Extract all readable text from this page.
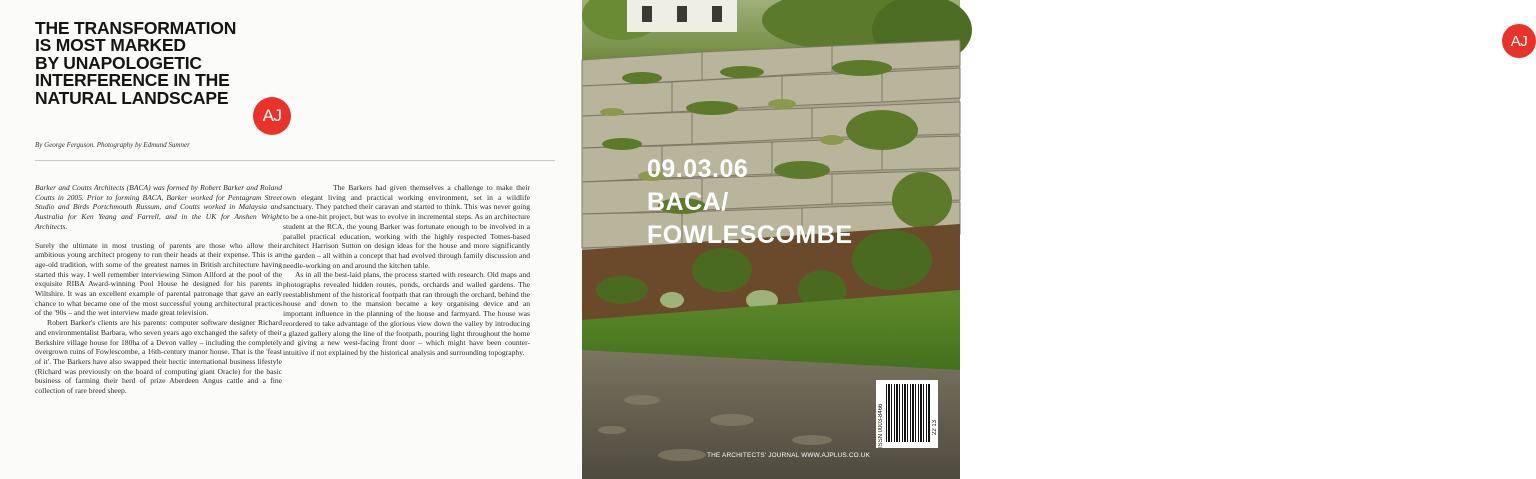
THE TRANSFORMATION
IS MOST MARKED
BY UNAPOLOGETIC
INTERFERENCE IN THE
NATURAL LANDSCAPE
AJ
By George Ferguson. Photography by Edmund Sumner

Barker and Coutts Architects (BACA) was formed by Robert Barker and Roland Coutts in 2005. Prior to forming BACA, Barker worked for Pentagram Street Studio and Birds Portchmouth Russum, and Coutts worked in Malaysia and Australia for Ken Yeang and Farrell, and in the UK for Anshen Wright Architects.

Surely the ultimate in most trusting of parents are those who allow their ambitious young architect progeny to run their heads at their expense. This is an age-old tradition, with some of the greatest names in British architecture having started this way. I well remember interviewing Simon Allford at the pool of the exquisite RIBA Award-winning Pool House he designed for his parents in Wiltshire. It was an excellent example of parental patronage that gave an early chance to what became one of the most successful young architectural practices of the '90s – and the wet interview made great television.

Robert Barker's clients are his parents: computer software designer Richard and environmentalist Barbara, who seven years ago exchanged the safety of their Berkshire village house for 180ha of a Devon valley – including the completely overgrown ruins of Fowlescombe, a 16th-century manor house. That is the 'feast of it'. The Barkers have also swapped their hectic international business lifestyle (Richard was previously on the board of computing giant Oracle) for the basic business of farming their herd of prize Aberdeen Angus cattle and a fine collection of rare breed sheep.

The Barkers had given themselves a challenge to make their own elegant living and practical working environment, set in a wildlife sanctuary. They patched their caravan and started to think. This was never going to be a one-hit project, but was to evolve in incremental steps. As an architecture student at the RCA, the young Barker was fortunate enough to be involved in a parallel practical education, working with the highly respected Totnes-based architect Harrison Sutton on design ideas for the house and more significantly the garden – all within a concept that had evolved through family discussion and needle-working on and around the kitchen table.

As in all the best-laid plans, the process started with research. Old maps and photographs revealed hidden routes, ponds, orchards and walled gardens. The reestablishment of the historical footpath that ran through the orchard, behind the house and down to the mansion became a key organising device and an important influence in the planning of the house and farmyard. The house was reordered to take advantage of the glorious view down the valley by introducing a glazed gallery along the line of the footpath, pouring light throughout the home and giving a new west-facing front door – which might have been counter-intuitive if not explained by the historical analysis and surrounding topography.

AJ
09.03.06
BACA/
FOWLESCOMBE
ISSN 0003-8466	22 13
THE ARCHITECTS' JOURNAL WWW.AJPLUS.CO.UK
